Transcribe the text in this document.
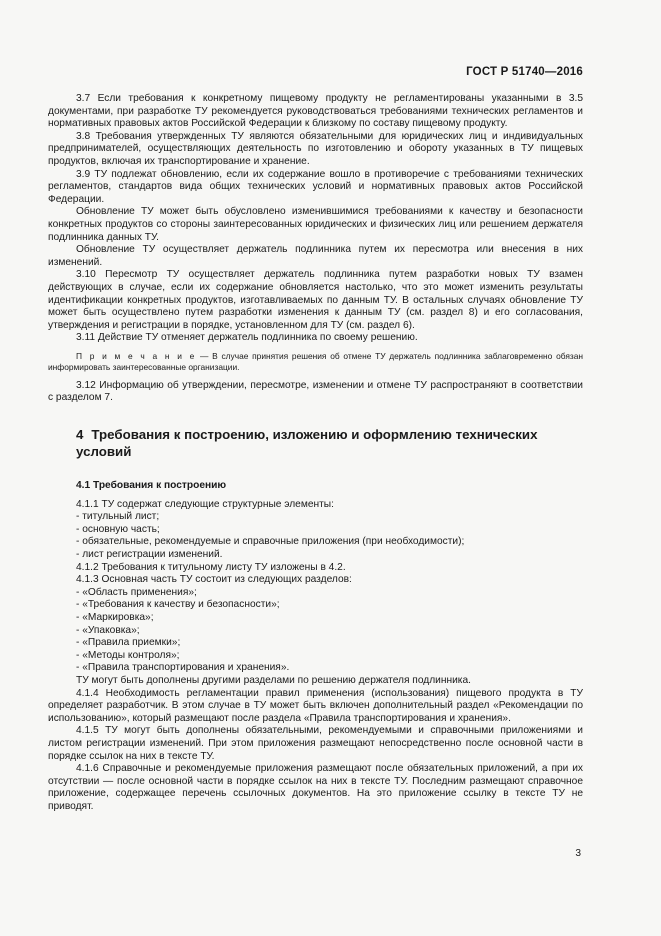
ГОСТ Р 51740—2016

3.7 Если требования к конкретному пищевому продукту не регламентированы указанными в 3.5 документами, при разработке ТУ рекомендуется руководствоваться требованиями технических регламентов и нормативных правовых актов Российской Федерации к близкому по составу пищевому продукту.

3.8 Требования утвержденных ТУ являются обязательными для юридических лиц и индивидуальных предпринимателей, осуществляющих деятельность по изготовлению и обороту указанных в ТУ пищевых продуктов, включая их транспортирование и хранение.

3.9 ТУ подлежат обновлению, если их содержание вошло в противоречие с требованиями технических регламентов, стандартов вида общих технических условий и нормативных правовых актов Российской Федерации.

Обновление ТУ может быть обусловлено изменившимися требованиями к качеству и безопасности конкретных продуктов со стороны заинтересованных юридических и физических лиц или решением держателя подлинника данных ТУ.

Обновление ТУ осуществляет держатель подлинника путем их пересмотра или внесения в них изменений.

3.10 Пересмотр ТУ осуществляет держатель подлинника путем разработки новых ТУ взамен действующих в случае, если их содержание обновляется настолько, что это может изменить результаты идентификации конкретных продуктов, изготавливаемых по данным ТУ. В остальных случаях обновление ТУ может быть осуществлено путем разработки изменения к данным ТУ (см. раздел 8) и его согласования, утверждения и регистрации в порядке, установленном для ТУ (см. раздел 6).

3.11 Действие ТУ отменяет держатель подлинника по своему решению.

П р и м е ч а н и е — В случае принятия решения об отмене ТУ держатель подлинника заблаговременно обязан информировать заинтересованные организации.

3.12 Информацию об утверждении, пересмотре, изменении и отмене ТУ распространяют в соответствии с разделом 7.

4 Требования к построению, изложению и оформлению технических условий
4.1 Требования к построению

4.1.1 ТУ содержат следующие структурные элементы:

- титульный лист;

- основную часть;

- обязательные, рекомендуемые и справочные приложения (при необходимости);

- лист регистрации изменений.

4.1.2 Требования к титульному листу ТУ изложены в 4.2.

4.1.3 Основная часть ТУ состоит из следующих разделов:

- «Область применения»;

- «Требования к качеству и безопасности»;

- «Маркировка»;

- «Упаковка»;

- «Правила приемки»;

- «Методы контроля»;

- «Правила транспортирования и хранения».

ТУ могут быть дополнены другими разделами по решению держателя подлинника.

4.1.4 Необходимость регламентации правил применения (использования) пищевого продукта в ТУ определяет разработчик. В этом случае в ТУ может быть включен дополнительный раздел «Рекомендации по использованию», который размещают после раздела «Правила транспортирования и хранения».

4.1.5 ТУ могут быть дополнены обязательными, рекомендуемыми и справочными приложениями и листом регистрации изменений. При этом приложения размещают непосредственно после основной части в порядке ссылок на них в тексте ТУ.

4.1.6 Справочные и рекомендуемые приложения размещают после обязательных приложений, а при их отсутствии — после основной части в порядке ссылок на них в тексте ТУ. Последним размещают справочное приложение, содержащее перечень ссылочных документов. На это приложение ссылку в тексте ТУ не приводят.

3
